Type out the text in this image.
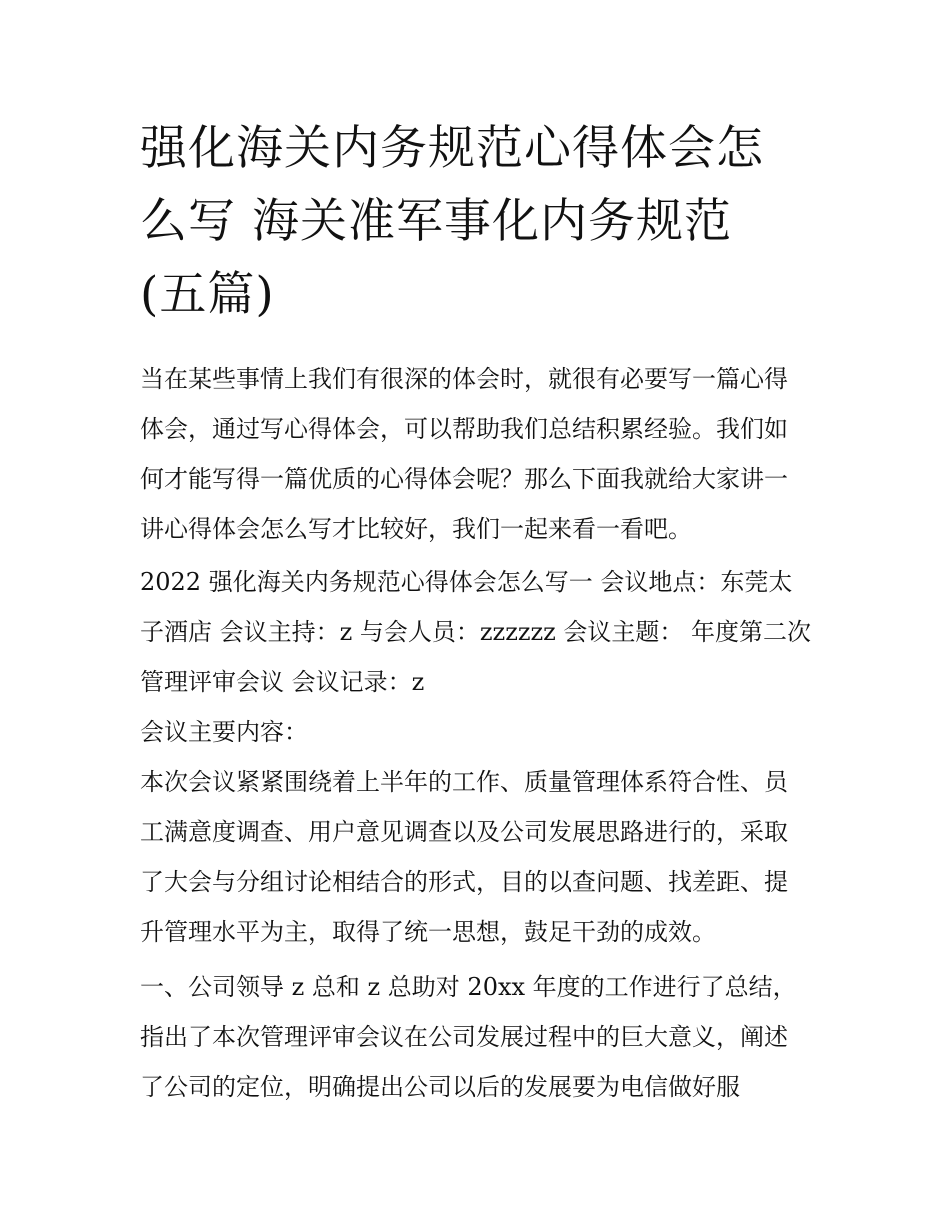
强化海关内务规范心得体会怎
么写 海关准军事化内务规范
(五篇)

当在某些事情上我们有很深的体会时，就很有必要写一篇心得
体会，通过写心得体会，可以帮助我们总结积累经验。我们如
何才能写得一篇优质的心得体会呢？那么下面我就给大家讲一
讲心得体会怎么写才比较好，我们一起来看一看吧。

2022 强化海关内务规范心得体会怎么写一 会议地点：东莞太
子酒店 会议主持：z 与会人员：zzzzzz 会议主题： 年度第二次
管理评审会议 会议记录：z

会议主要内容：

本次会议紧紧围绕着上半年的工作、质量管理体系符合性、员
工满意度调查、用户意见调查以及公司发展思路进行的，采取
了大会与分组讨论相结合的形式，目的以查问题、找差距、提
升管理水平为主，取得了统一思想，鼓足干劲的成效。

一、公司领导 z 总和 z 总助对 20xx 年度的工作进行了总结，
指出了本次管理评审会议在公司发展过程中的巨大意义，阐述
了公司的定位，明确提出公司以后的发展要为电信做好服
